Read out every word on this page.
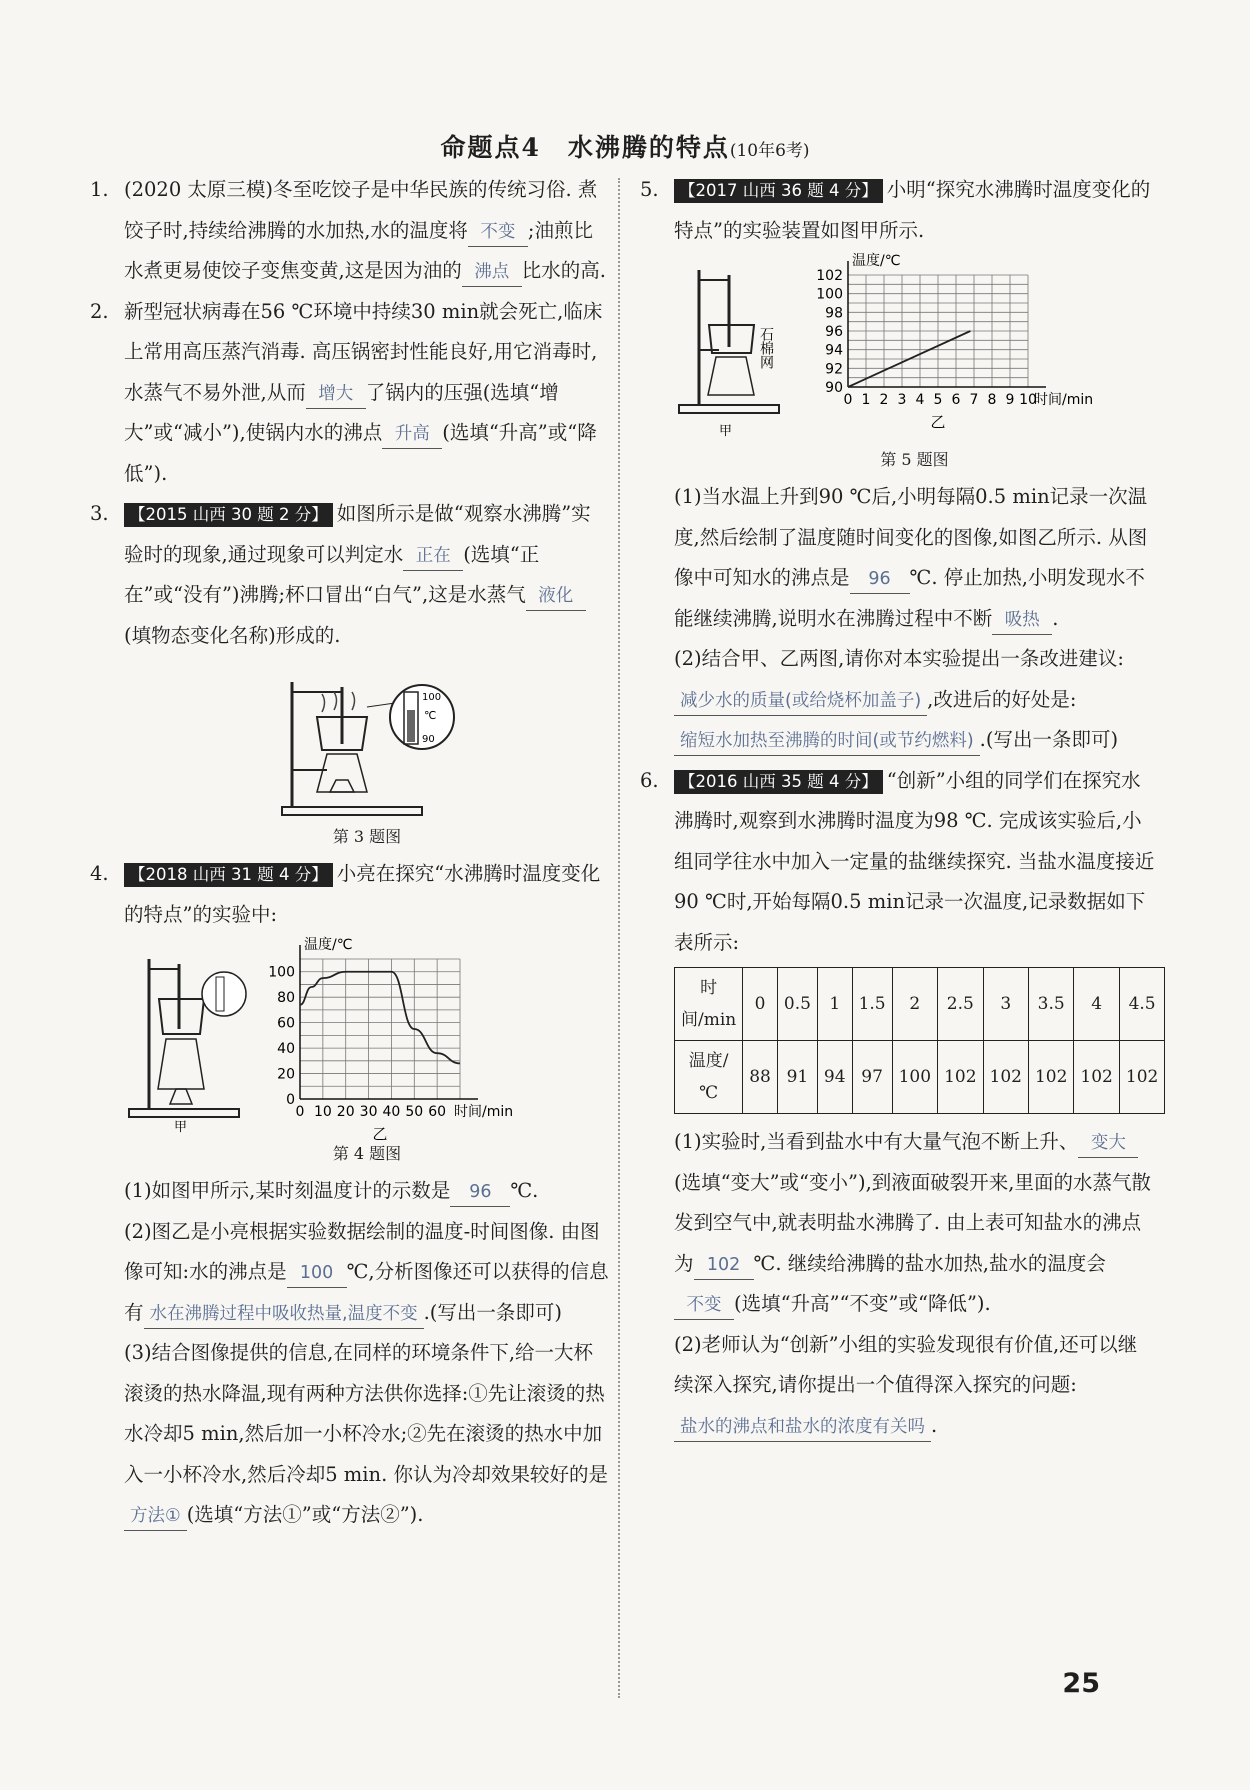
命题点4　水沸腾的特点(10年6考)
1. (2020 太原三模)冬至吃饺子是中华民族的传统习俗. 煮饺子时,持续给沸腾的水加热,水的温度将 不变 ;油煎比水煮更易使饺子变焦变黄,这是因为油的 沸点 比水的高.
2. 新型冠状病毒在56 ℃环境中持续30 min就会死亡,临床上常用高压蒸汽消毒. 高压锅密封性能良好,用它消毒时,水蒸气不易外泄,从而 增大 了锅内的压强(选填“增大”或“减小”),使锅内水的沸点 升高 (选填“升高”或“降低”).
3. 【2015 山西 30 题 2 分】 如图所示是做“观察水沸腾”实验时的现象,通过现象可以判定水 正在 (选填“正在”或“没有”)沸腾;杯口冒出“白气”,这是水蒸气 液化(填物态变化名称)形成的.
100
℃
90
第 3 题图
4. 【2018 山西 31 题 4 分】 小亮在探究“水沸腾时温度变化的特点”的实验中:
甲
0 10 20 30 40 50 60
0
20
40
60
80
100
温度/℃
时间/min
乙
第 4 题图

(1)如图甲所示,某时刻温度计的示数是 96 ℃.

(2)图乙是小亮根据实验数据绘制的温度-时间图像. 由图像可知:水的沸点是 100 ℃,分析图像还可以获得的信息有 水在沸腾过程中吸收热量,温度不变 .(写出一条即可)

(3)结合图像提供的信息,在同样的环境条件下,给一大杯滚烫的热水降温,现有两种方法供你选择:①先让滚烫的热水冷却5 min,然后加一小杯冷水;②先在滚烫的热水中加入一小杯冷水,然后冷却5 min. 你认为冷却效果较好的是方法① (选填“方法①”或“方法②”).

5. 【2017 山西 36 题 4 分】 小明“探究水沸腾时温度变化的特点”的实验装置如图甲所示.
石棉网
甲
0 1 2 3 4 5 6 7 8 9 10
90
92
94
96
98
100
102
温度/℃
时间/min
乙
第 5 题图

(1)当水温上升到90 ℃后,小明每隔0.5 min记录一次温度,然后绘制了温度随时间变化的图像,如图乙所示. 从图像中可知水的沸点是 96 ℃. 停止加热,小明发现水不能继续沸腾,说明水在沸腾过程中不断 吸热 .

(2)结合甲、乙两图,请你对本实验提出一条改进建议:减少水的质量(或给烧杯加盖子) ,改进后的好处是:缩短水加热至沸腾的时间(或节约燃料) .(写出一条即可)

6. 【2016 山西 35 题 4 分】 “创新”小组的同学们在探究水沸腾时,观察到水沸腾时温度为98 ℃. 完成该实验后,小组同学往水中加入一定量的盐继续探究. 当盐水温度接近90 ℃时,开始每隔0.5 min记录一次温度,记录数据如下表所示:
时间/min	0	0.5	1	1.5	2	2.5	3	3.5	4	4.5
温度/℃	88	91	94	97	100	102	102	102	102	102

(1)实验时,当看到盐水中有大量气泡不断上升、 变大(选填“变大”或“变小”),到液面破裂开来,里面的水蒸气散发到空气中,就表明盐水沸腾了. 由上表可知盐水的沸点为 102 ℃. 继续给沸腾的盐水加热,盐水的温度会不变 (选填“升高”“不变”或“降低”).

(2)老师认为“创新”小组的实验发现很有价值,还可以继续深入探究,请你提出一个值得深入探究的问题:盐水的沸点和盐水的浓度有关吗 .

25
